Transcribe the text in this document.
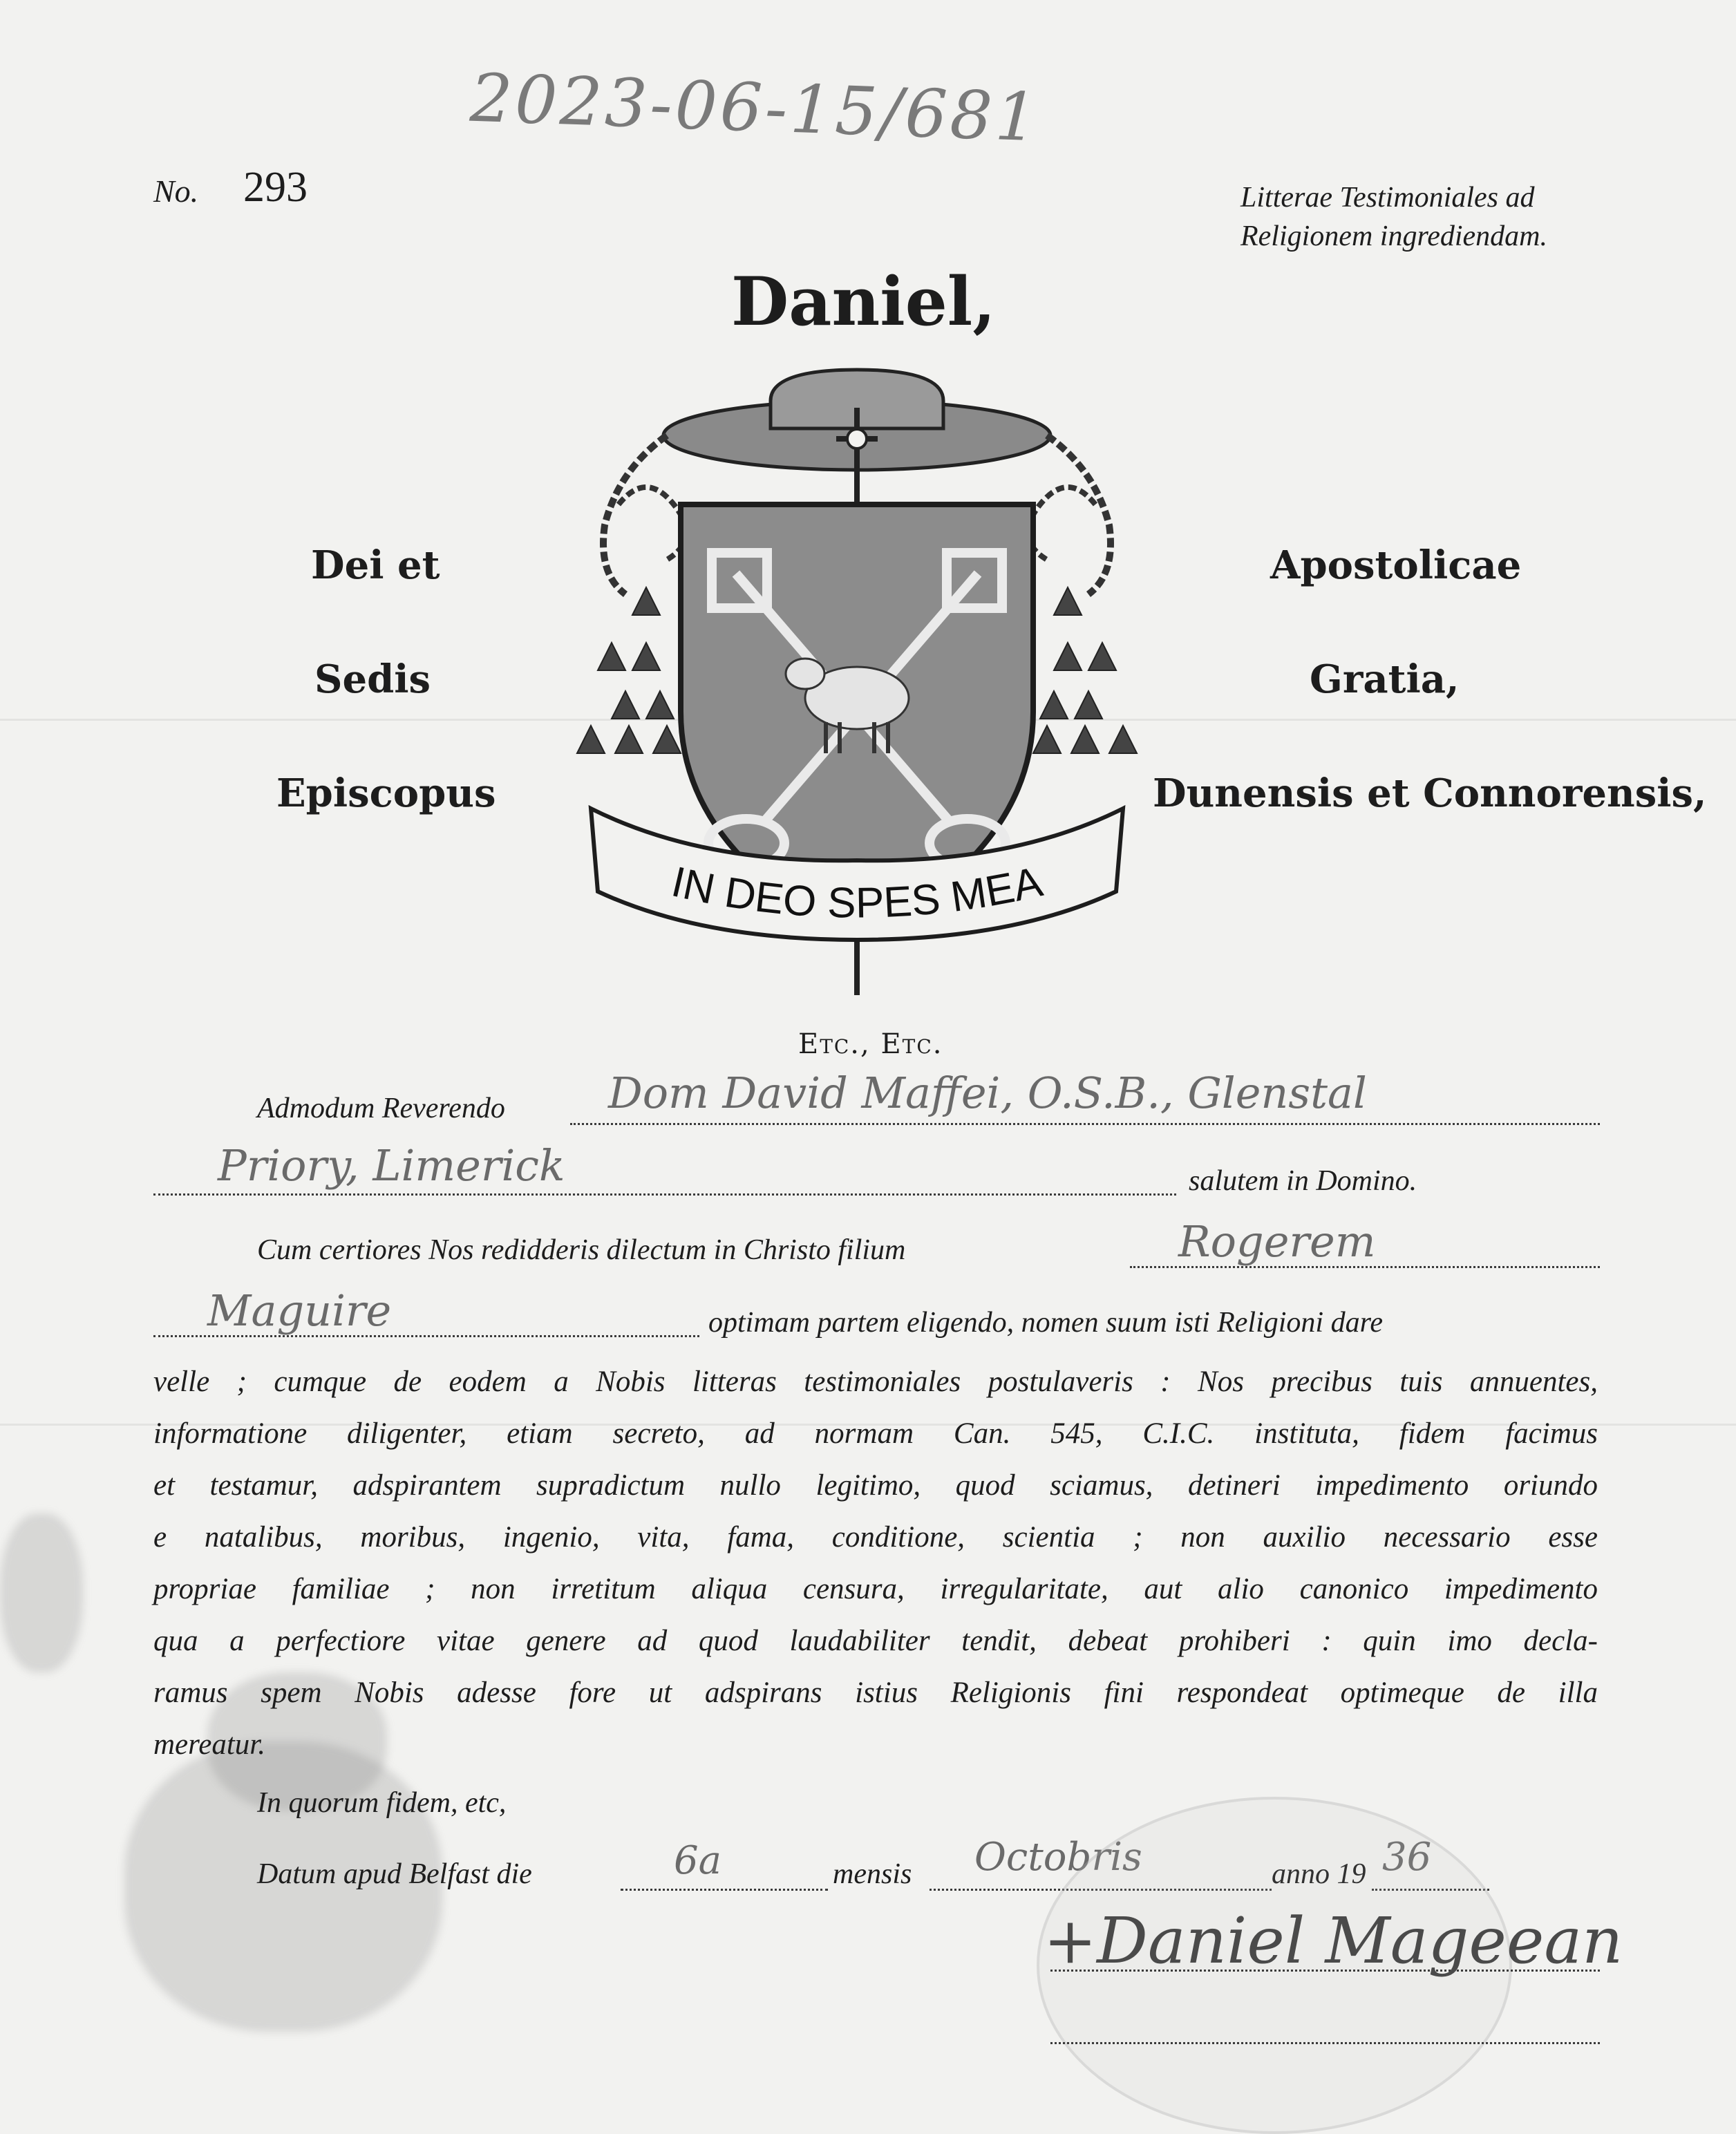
2023-06-15/681
No. 293	Litterae Testimoniales ad
Religionem ingrediendam.
Daniel,
Dei et
Sedis
Episcopus
Apostolicae
Gratia,
Dunensis et Connorensis,
IN DEO SPES MEA
Etc., Etc.
Admodum Reverendo Dom David Maffei, O.S.B., Glenstal
Priory, Limerick	salutem in Domino.
Cum certiores Nos redidderis dilectum in Christo filium	Rogerem
Maguire	optimam partem eligendo, nomen suum isti Religioni dare
velle ; cumque de eodem a Nobis litteras testimoniales postulaveris : Nos precibus tuis annuentes,
informatione diligenter, etiam secreto, ad normam Can. 545, C.I.C. instituta, fidem facimus
et testamur, adspirantem supradictum nullo legitimo, quod sciamus, detineri impedimento oriundo
e natalibus, moribus, ingenio, vita, fama, conditione, scientia ; non auxilio necessario esse
propriae familiae ; non irretitum aliqua censura, irregularitate, aut alio canonico impedimento
qua a perfectiore vitae genere ad quod laudabiliter tendit, debeat prohiberi : quin imo decla-
ramus spem Nobis adesse fore ut adspirans istius Religionis fini respondeat optimeque de illa
mereatur.
In quorum fidem, etc,
Datum apud Belfast die	6a	mensis Octobris	anno 19 36
+Daniel Mageean
